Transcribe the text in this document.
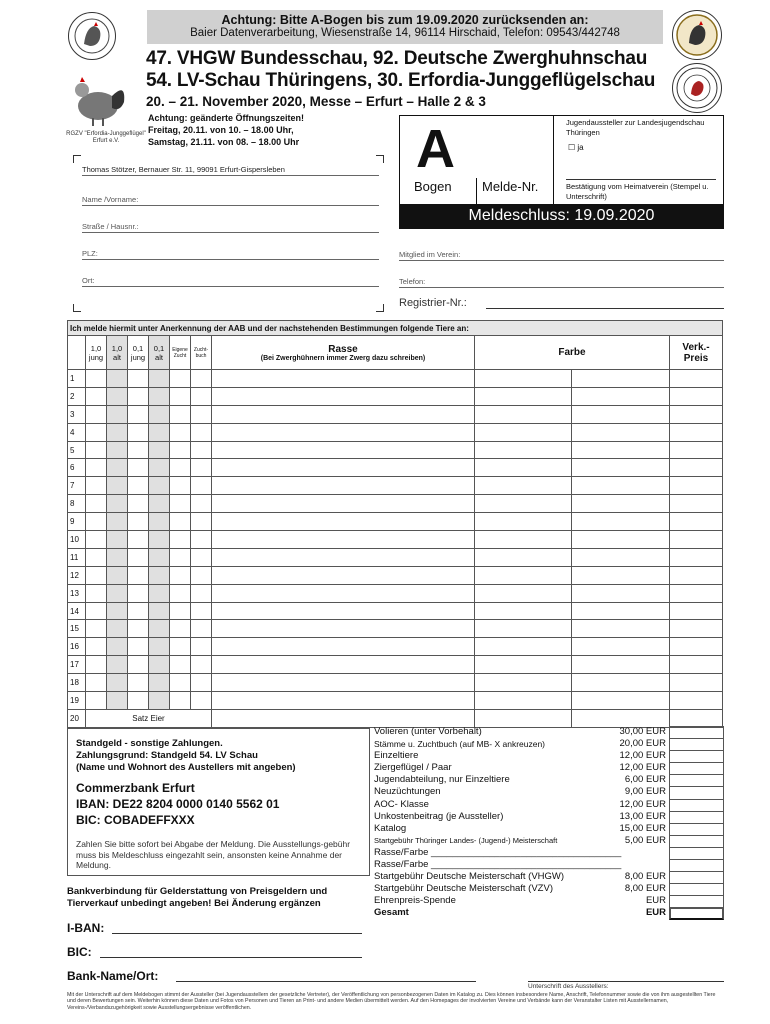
RGZV "Erfordia-Junggeflügel" Erfurt e.V.
Achtung: Bitte A-Bogen bis zum 19.09.2020 zurücksenden an:
Baier Datenverarbeitung, Wiesenstraße 14, 96114 Hirschaid, Telefon: 09543/442748
47. VHGW Bundesschau, 92. Deutsche Zwerghuhnschau
54. LV-Schau Thüringens, 30. Erfordia-Junggeflügelschau
20. – 21. November 2020, Messe – Erfurt – Halle 2 & 3
Achtung: geänderte Öffnungszeiten!
Freitag, 20.11. von 10. – 18.00 Uhr,
Samstag, 21.11. von 08. – 18.00 Uhr
Thomas Stötzer, Bernauer Str. 11, 99091 Erfurt-Gispersleben
Name /Vorname:
Straße / Hausnr.:
PLZ:
Ort:
A
Bogen Melde-Nr.
Jugendaussteller zur Landesjugendschau Thüringen
☐ ja
Bestätigung vom Heimatverein (Stempel u. Unterschrift)
Meldeschluss: 19.09.2020
Mitglied im Verein:
Telefon:
Registrier-Nr.:
Ich melde hiermit unter Anerkennung der AAB und der nachstehenden Bestimmungen folgende Tiere an:										
	1,0 jung	1,0 alt	0,1 jung	0,1 alt	Eigene Zucht	Zucht-buch	Rasse
(Bei Zwerghühnern immer Zwerg dazu schreiben)	Farbe		Verk.-Preis
1										
2										
3										
4										
5										
6										
7										
8										
9										
10										
11										
12										
13										
14										
15										
16										
17										
18										
19										
20	Satz Eier									
Standgeld - sonstige Zahlungen.
Zahlungsgrund: Standgeld 54. LV Schau
(Name und Wohnort des Austellers mit angeben)
Commerzbank Erfurt
IBAN: DE22 8204 0000 0140 5562 01
BIC: COBADEFFXXX
Zahlen Sie bitte sofort bei Abgabe der Meldung. Die Ausstellungs-gebühr muss bis Meldeschluss eingezahlt sein, ansonsten keine Annahme der Meldung.
Bankverbindung für Gelderstattung von Preisgeldern und Tierverkauf unbedingt angeben! Bei Änderung ergänzen
I-BAN:
BIC:
Bank-Name/Ort:
Unterschrift des Ausstellers:
Volieren (unter Vorbehalt)	30,00 EUR
Stämme u. Zuchtbuch (auf MB- X ankreuzen)	20,00 EUR
Einzeltiere	12,00 EUR
Ziergeflügel / Paar	12,00 EUR
Jugendabteilung, nur Einzeltiere	6,00 EUR
Neuzüchtungen	9,00 EUR
AOC- Klasse	12,00 EUR
Unkostenbeitrag (je Aussteller)	13,00 EUR
Katalog	15,00 EUR
Startgebühr Thüringer Landes- (Jugend-) Meisterschaft	5,00 EUR
Rasse/Farbe ____________________________________
Rasse/Farbe ____________________________________
Startgebühr Deutsche Meisterschaft (VHGW)	8,00 EUR
Startgebühr Deutsche Meisterschaft (VZV)	8,00 EUR
Ehrenpreis-Spende	EUR
Gesamt	EUR
Mit der Unterschrift auf dem Meldebogen stimmt der Aussteller (bei Jugendausstellern der gesetzliche Vertreter), der Veröffentlichung von personbezogenen Daten im Katalog zu. Dies können insbesondere Name, Anschrift, Telefonnummer sowie die von ihm ausgestellten Tiere und deren Bewertungen sein. Weiterhin können diese Daten und Fotos von Personen und Tieren an Print- und andere Medien übermittelt werden. Auf den Homepages der involvierten Vereine und Verbände kann der Veranstalter Listen mit Ausstellernamen, Vereins-/Verbandszugehörigkeit sowie Ausstellungsergebnisse veröffentlichen.
